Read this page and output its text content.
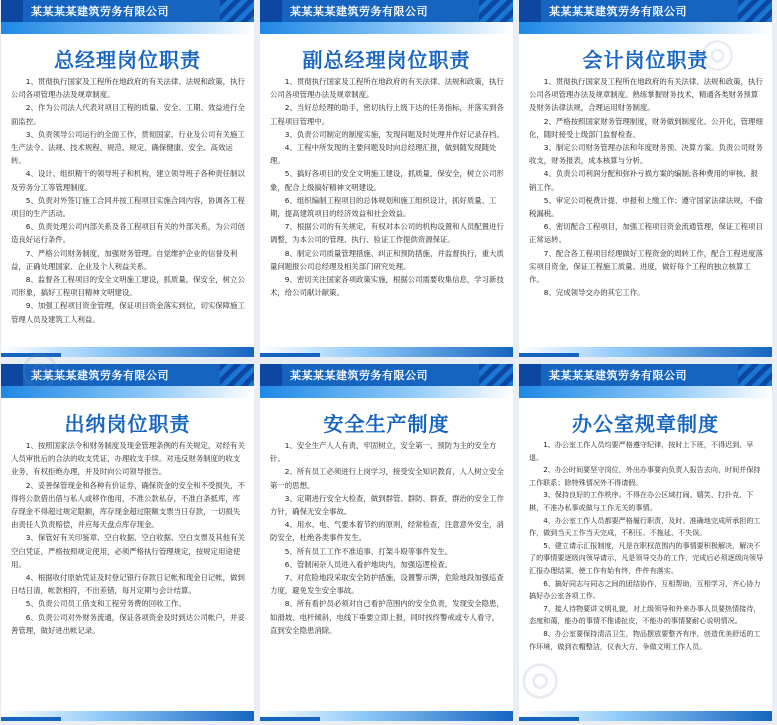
某某某某建筑劳务有限公司
总经理岗位职责

1、贯彻执行国家及工程所在地政府的有关法律、法规和政策，执行公司各项管理办法及规章制度。

2、作为公司法人代表对项目工程的质量、安全、工期、效益进行全面监控。

3、负责领导公司运行的全面工作，贯彻国家、行业及公司有关施工生产法令、法规、技术规程、规范、规定、确保健康、安全、高效运转。

4、设计、组织精干的领导班子和机构，建立领导班子各种责任制以及劳务分工等管理制度。

5、负责对外签订施工合同并按工程项目实施合同内容，协调各工程项目的生产活动。

6、负责处理公司内部关系及各工程项目有关的外部关系，为公司创造良好运行条件。

7、严格公司财务制度，加强财务管理。自觉维护企业的信誉及利益，正确处理国家、企业及个人利益关系。

8、监督各工程项目的安全文明施工建设，抓质量，保安全，树立公司形象，搞好工程项目精神文明建设。

9、加强工程项目资金管理，保证项目资金落实到位，切实保障施工管理人员及建筑工人利益。

某某某某建筑劳务有限公司
副总经理岗位职责

1、贯彻执行国家及工程所在地政府的有关法律、法规和政策，执行公司各项管理办法及规章制度。

2、当好总经理的助手，密切执行上级下达的任务指标，并落实到各工程项目管理中。

3、负责公司制定的制度实施，发现问题及时处理并作好记录存档。

4、工程中所发现的主要问题及时向总经理汇报，做到随发现随处理。

5、搞好各项目的安全文明施工建设，抓质量，保安全，树立公司形象，配合上级搞好精神文明建设。

6、组织编制工程项目的总体规划和施工组织设计，抓好质量、工期，提高建筑项目的经济效益和社会效益。

7、根据公司的有关规定，有权对本公司的机构设置和人员配置进行调整，为本公司的管理、执行、验证工作提供资源保证。

8、制定公司质量管理措施、纠正和预防措施，并监督执行，重大质量问题报公司总经理及相关部门研究处理。

9、密切关注国家各项政策实施，根据公司需要收集信息，学习新技术，给公司献计献策。

某某某某建筑劳务有限公司
会计岗位职责

1、贯彻执行国家及工程所在地政府的有关法律、法规和政策，执行公司各项管理办法及规章制度。熟练掌握财务技术，精通各类财务预算及财务法律法规，合理运用财务制度。

2、严格按照国家财务管理制度，财务做到制度化、公开化，管理细化，随时接受上级部门监督检查。

3、制定公司财务管理办法和年度财务预、决算方案。负责公司财务收支，财务报表，成本核算与分析。

4、负责公司利润分配和弥补亏损方案的编制;各种费用的审核、报销工作。

5、审定公司税费计提、申报和上缴工作；遵守国家法律法规，不偷税漏税。

6、密切配合工程项目，加强工程项目资金流通管理，保证工程项目正常运转。

7、配合各工程项目经理做好工程资金的周转工作，配合工程进度落实项目资金，保证工程施工质量、进度，做好每个工程的独立核算工作。

8、完成领导交办的其它工作。

某某某某建筑劳务有限公司
出纳岗位职责

1、按照国家法令和财务制度及现金管理条例的有关规定，对经有关人员审批后的合法的收支凭证，办理收支手续。对违反财务制度的收支业务，有权拒绝办理，并及时向公司领导报告。

2、妥善保管现金和各种有价证券，确保资金的安全和不受损失，不得将公款借出借与私人或移作他用，不准公款私存，不准白条抵库，库存现金不得超过规定限额，库存现金超过限额支票当日存款，一切损失由责任人负责赔偿，并应每天盘点库存现金。

3、保管好有关印鉴章、空白收据、空白收据、空白支票及其他有关空白凭证，严格按照规定使用，必须严格执行管理规定，按规定用途使用。

4、根据收付原始凭证及时登记银行存款日记帐和现金日记帐，做到日结日清，帐款相符，不出差错，每月定期与会计结算。

5、负责公司员工借支和工程劳务费的回收工作。

6、负责公司对外财务流通，保证各项资金及时到达公司帐户，并妥善管理，做好进出帐记录。

某某某某建筑劳务有限公司
安全生产制度

1、安全生产人人有责，牢固树立，安全第一、预防为主的安全方针。

2、所有员工必须进行上岗学习，接受安全知识教育，人人树立安全第一的思想。

3、定期进行安全大检查，做到群管、群防、群查，群治的安全工作方针，确保无安全事故。

4、用水、电、气要本着节约的原则，经常检查，注意意外安全，消防安全，杜绝各类事件发生。

5、所有员工工作不准追事、打架斗殴等事件发生。

6、管制闲杂人员进入看护地块内，加强巡逻检查。

7、对危险地段采取安全防护措施，设置警示牌，危险地段加强巡查力度，避免发生安全事故。

8、所有看护员必须对自己看护范围内的安全负责，发现安全隐患，如滑坡、电杆倾斜，电线下垂要立即上报，同时找终警戒或专人看守，直到安全隐患消除。

某某某某建筑劳务有限公司
办公室规章制度

1、办公室工作人员均要严格遵守纪律，按时上下班，不得迟到、早退。

2、办公时间要坚守岗位，外出办事要向负责人报告去向，时间并保持工作联系；除特殊情况外不得请假。

3、保持良好的工作秩序。不得在办公区域打闹、嬉笑、打扑克、下棋，不准办私事或做与工作无关的事情。

4、办公室工作人员都要严格履行职责，及时、准确地完成所承担的工作，做到当天工作当天完成，不积压、不拖延、不失误。

5、建立请示汇报制度，凡是在职权范围内的事情要积极解决，解决不了的事情要逐级向领导请示，凡是领导交办的工作，完成后必须逐级向领导汇报办理结果，使工作有始有终，件件有落实。

6、搞好同志与同志之间的团结协作，互相帮助，互相学习，齐心协力搞好办公室各项工作。

7、接人待物要讲文明礼貌，对上级领导和外来办事人员要热情接待，态度和蔼，能办的事情不推诿扯皮，不能办的事情要耐心说明情况。

8、办公室要保持清洁卫生，物品摆放要整齐有序，创造优美舒适的工作环境，做到衣帽整洁，仪表大方，争做文明工作人员。
